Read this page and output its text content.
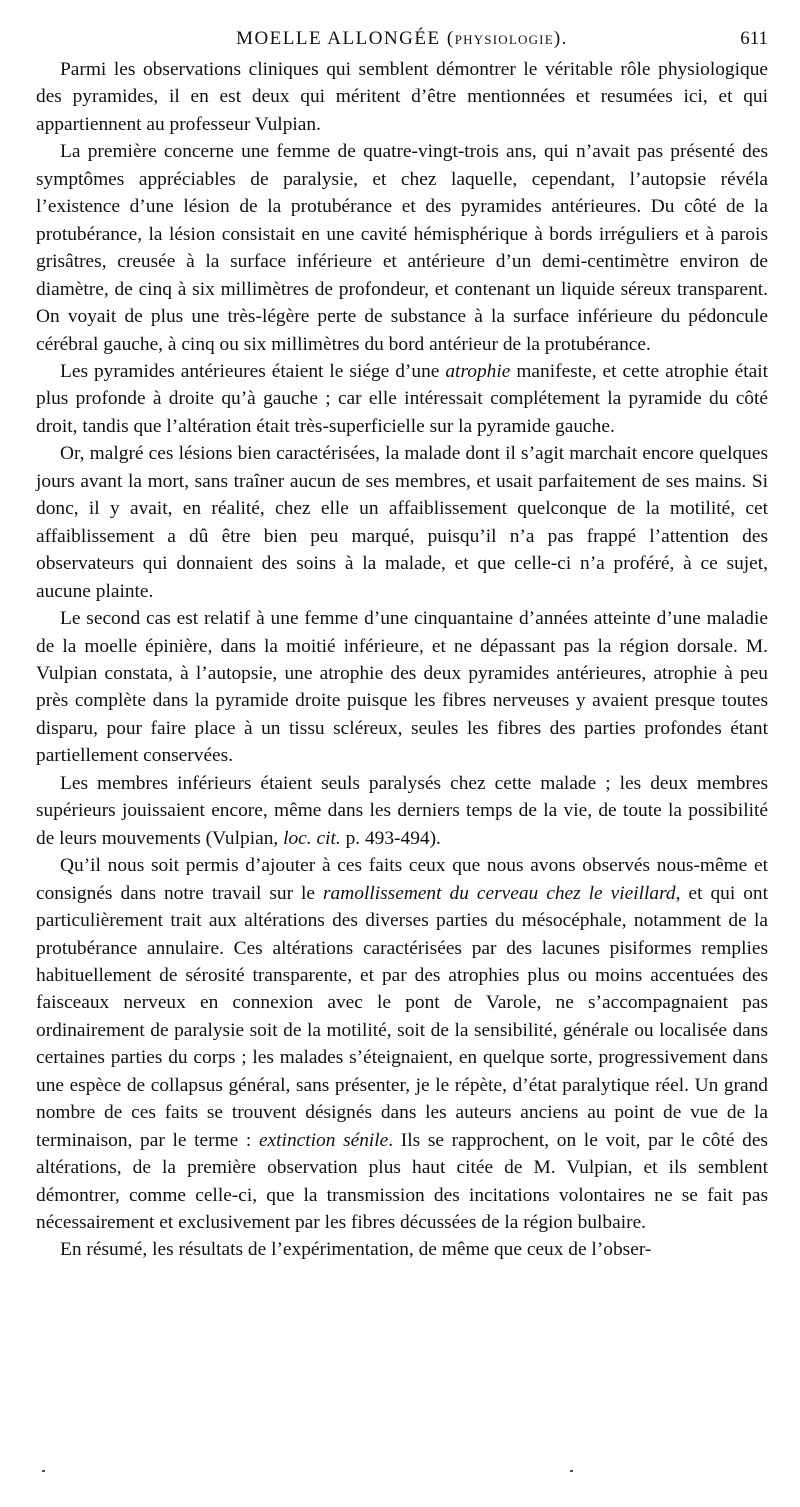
MOELLE ALLONGÉE (PHYSIOLOGIE).	611

Parmi les observations cliniques qui semblent démontrer le véritable rôle physiologique des pyramides, il en est deux qui méritent d’être mentionnées et resumées ici, et qui appartiennent au professeur Vulpian.

La première concerne une femme de quatre-vingt-trois ans, qui n’avait pas présenté des symptômes appréciables de paralysie, et chez laquelle, cependant, l’autopsie révéla l’existence d’une lésion de la protubérance et des pyramides antérieures. Du côté de la protubérance, la lésion consistait en une cavité hémisphérique à bords irréguliers et à parois grisâtres, creusée à la surface inférieure et antérieure d’un demi-centimètre environ de diamètre, de cinq à six millimètres de profondeur, et contenant un liquide séreux transparent. On voyait de plus une très-légère perte de substance à la surface inférieure du pédoncule cérébral gauche, à cinq ou six millimètres du bord antérieur de la protubérance.

Les pyramides antérieures étaient le siége d’une atrophie manifeste, et cette atrophie était plus profonde à droite qu’à gauche ; car elle intéressait complétement la pyramide du côté droit, tandis que l’altération était très-superficielle sur la pyramide gauche.

Or, malgré ces lésions bien caractérisées, la malade dont il s’agit marchait encore quelques jours avant la mort, sans traîner aucun de ses membres, et usait parfaitement de ses mains. Si donc, il y avait, en réalité, chez elle un affaiblissement quelconque de la motilité, cet affaiblissement a dû être bien peu marqué, puisqu’il n’a pas frappé l’attention des observateurs qui donnaient des soins à la malade, et que celle-ci n’a proféré, à ce sujet, aucune plainte.

Le second cas est relatif à une femme d’une cinquantaine d’années atteinte d’une maladie de la moelle épinière, dans la moitié inférieure, et ne dépassant pas la région dorsale. M. Vulpian constata, à l’autopsie, une atrophie des deux pyramides antérieures, atrophie à peu près complète dans la pyramide droite puisque les fibres nerveuses y avaient presque toutes disparu, pour faire place à un tissu scléreux, seules les fibres des parties profondes étant partiellement conservées.

Les membres inférieurs étaient seuls paralysés chez cette malade ; les deux membres supérieurs jouissaient encore, même dans les derniers temps de la vie, de toute la possibilité de leurs mouvements (Vulpian, loc. cit. p. 493-494).

Qu’il nous soit permis d’ajouter à ces faits ceux que nous avons observés nous-même et consignés dans notre travail sur le ramollissement du cerveau chez le vieillard, et qui ont particulièrement trait aux altérations des diverses parties du mésocéphale, notamment de la protubérance annulaire. Ces altérations caractérisées par des lacunes pisiformes remplies habituellement de sérosité transparente, et par des atrophies plus ou moins accentuées des faisceaux nerveux en connexion avec le pont de Varole, ne s’accompagnaient pas ordinairement de paralysie soit de la motilité, soit de la sensibilité, générale ou localisée dans certaines parties du corps ; les malades s’éteignaient, en quelque sorte, progressivement dans une espèce de collapsus général, sans présenter, je le répète, d’état paralytique réel. Un grand nombre de ces faits se trouvent désignés dans les auteurs anciens au point de vue de la terminaison, par le terme : extinction sénile. Ils se rapprochent, on le voit, par le côté des altérations, de la première observation plus haut citée de M. Vulpian, et ils semblent démontrer, comme celle-ci, que la transmission des incitations volontaires ne se fait pas nécessairement et exclusivement par les fibres décussées de la région bulbaire.

En résumé, les résultats de l’expérimentation, de même que ceux de l’obser-
